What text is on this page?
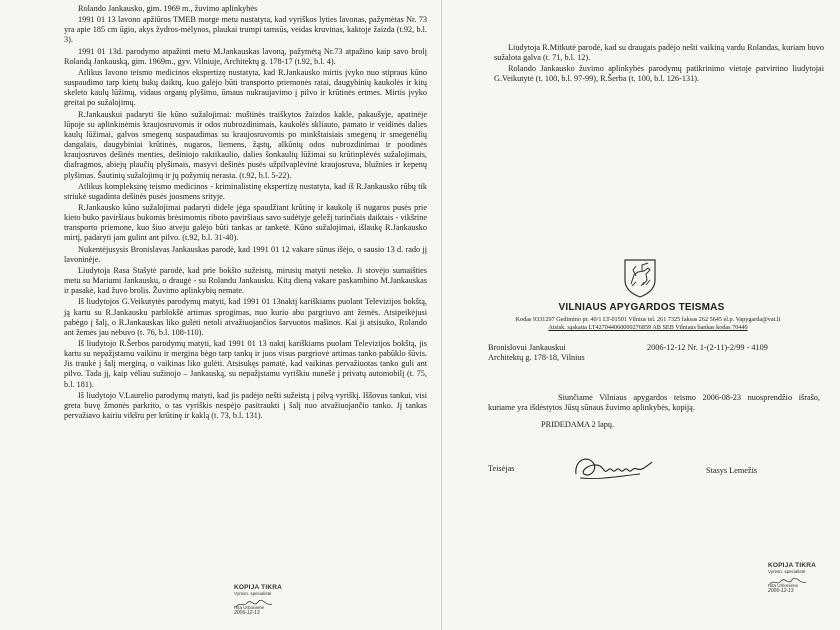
Rolando Jankausko, gim. 1969 m., žuvimo aplinkybės

1991 01 13 lavono apžiūros TMEB morge metu nustatyta, kad vyriškos lyties lavonas, pažymėtas Nr. 73 yra apie 185 cm ūgio, akys žydros-mėlynos, plaukai trumpi tamsūs, veidas kruvinas, kaktoje žaizda (t.92, b.l. 3).

1991 01 13d. parodymo atpažinti metu M.Jankauskas lavoną, pažymėtą Nr.73 atpažino kaip savo brolį Rolandą Jankauską, gim. 1969m., gyv. Vilniuje, Architektų g. 178-17 (t.92, b.l. 4).

Atlikus lavono teismo medicinos ekspertizę nustatyta, kad R.Jankausko mirtis įvyko nuo stipraus kūno suspaudimo tarp kietų bukų daiktų, kuo galėjo būti transporto priemonės ratai, daugybinių kaukolės ir kitų skeleto kaulų lūžimų, vidaus organų plyšimo, ūmaus nukraujavimo į pilvo ir krūtinės ertmes. Mirtis įvyko greitai po sužalojimų.

R.Jankauskui padaryti šie kūno sužalojimai: muštinės traiškytos žaizdos kakle, pakaušyje, apatinėje lūpoje su aplinkinėmis kraujosruvomis ir odos nubrozdinimais, kaukolės skliauto, pamato ir veidinės dalies kaulų lūžimai, galvos smegenų suspaudimas su kraujosruvomis po minkštaisiais smegenų ir smegenėlių dangalais, daugybiniai krūtinės, nugaros, liemens, žąstų, alkūnių odos nubrozdinimai ir poodinės kraujosruvos dešinės menties, dešiniojo raktikaulio, dalies šonkaulių lūžimai su krūtinplėvės sužalojimais, diafragmos, abiejų plaučių plyšimais, masyvi dešinės pusės užpilvaplėvinė kraujosruva, blužnies ir kepenų plyšimas. Šautinių sužalojimų ir jų požymių nerasta. (t.92, b.l. 5-22).

Atlikus kompleksinę teismo medicinos - kriminalistinę ekspertizę nustatyta, kad iš R.Jankausko rūbų tik striukė sugadinta dešinės pusės juosmens srityje.

R.Jankausko kūno sužalojimai padaryti didele jėga spaudžiant krūtinę ir kaukolę iš nugaros pusės prie kieto buko paviršiaus bukomis brėsimomis riboto paviršiaus savo sudėtyje geležį turinčiais daiktais - vikšrine transporto priemone, kuo šiuo atveju galėjo būti tankas ar tanketė. Kūno sužalojimai, išlaukę R.Jankausko mirtį, padaryti jam gulint ant pilvo. (t.92, b.l. 31-40).

Nukentėjusysis Bronislavas Jankauskas parodė, kad 1991 01 12 vakare sūnus išėjo, o sausio 13 d. rado jį lavoninėje.

Liudytoja Rasa Stašytė parodė, kad prie bokšto sužeistų, mirusių matyti neteko. Ji stovėjo sumaišties metu su Mariumi Jankausku, o draugė - su Rolandu Jankausku. Kitą dieną vakare paskambino M.Jankauskas ir pasakė, kad žuvo brolis. Žuvimo aplinkybių nemate.

Iš liudytojos G.Veikutytės parodymų matyti, kad 1991 01 13naktį kariškiams puolant Televizijos bokštą, ją kartu su R.Jankausku parblokšė artimas sprogimas, nuo kurio abu pargriuvo ant žemės. Atsipeikėjusi pabėgo į šalį, o R.Jankauskas liko gulėti netoli atvažiuojančios šarvuotos mašinos. Kai ji atsisukо, Rolando ant žemės jau nebuvo (t. 76, b.l. 108-110).

Iš liudytojo R.Šerbos parodymų matyti, kad 1991 01 13 naktį kariškiams puolant Televizijos bokštą, jis kartu su nepažįstamu vaikinu ir mergina bėgo tarp tankų ir juos visus pargriovė artimas tanko pabūklo šūvis. Jis traukė į šalį merginą, o vaikinas liko gulėti. Atsisukęs pamatė, kad vaikinas pervažiuotas tanko guli ant pilvo. Tada jį, kaip vėliau sužinojo – Jankauską, su nepažįstamu vyriškiu nunešė į privatų automobilį (t. 75, b.l. 181).

Iš liudytojo V.Laurelio parodymų matyti, kad jis padėjo nešti sužeistą į pilvą vyriškį. Iššovus tankui, visi greta buvę žmonės parkrito, o tas vyriškis nespėjo pasitraukti į šalį nuo atvažiuojančio tanko. Jį tankas pervažiavo kairiu vikšru per krūtinę ir kaklą (t. 73, b.l. 131).

KOPIJA TIKRA
Vyresn. specialistė
Rita Urbonienė
2006-12-13

Liudytoja R.Mitkutė parodė, kad su draugais padėjo nešti vaikiną vardu Rolandas, kuriam buvo sužalota galva (t. 71, b.l. 12).

Rolando Jankausko žuvimo aplinkybės parodymų patikrinimo vietoje patvirtino liudytojai G.Veikutytė (t. 100, b.l. 97-99), R.Šerba (t. 100, b.l. 126-131).

VILNIAUS APYGARDOS TEISMAS
Kodas 9331297 Gedimino pr. 40/1 LT-01501 Vilnius tel. 261 7325 faksas 262 5645 el.p. Vapygarda@vat.lt
Atsisk. sąskaita LT427044060000276859 AB SEB Vilniaus bankas kodas 70440
Bronislovui Jankauskui
Architektų g. 178-18, Vilnius
2006-12-12 Nr. 1-(2-11)-2/99 - 4109

Siunčiame Vilniaus apygardos teismo 2006-08-23 nuosprendžio išrašo, kuriame yra išdėstytos Jūsų sūnaus žuvimo aplinkybės, kopiją.

PRIDEDAMA 2 lapų.
Teisėjas	Stasys Lemežis
KOPIJA TIKRA
Vyresn. specialistė
Rita Urbonienė
2006-12-13
